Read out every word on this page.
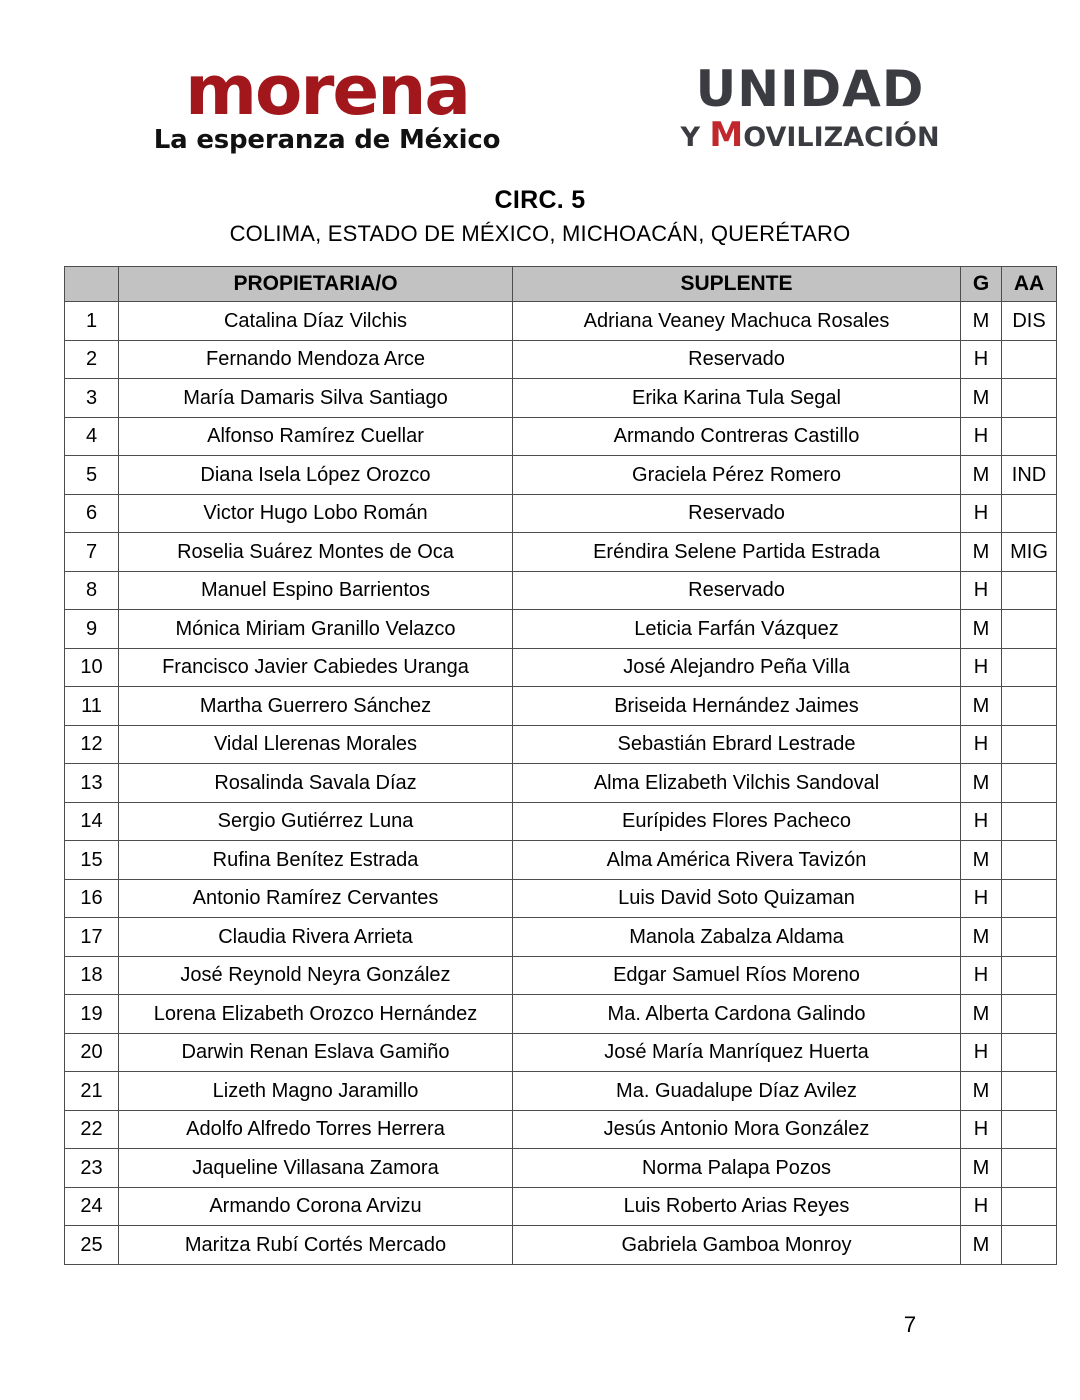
morena
La esperanza de México
UNIDAD
Y MOVILIZACIÓN
CIRC. 5
COLIMA, ESTADO DE MÉXICO, MICHOACÁN, QUERÉTARO
	PROPIETARIA/O	SUPLENTE	G	AA
1	Catalina Díaz Vilchis	Adriana Veaney Machuca Rosales	M	DIS
2	Fernando Mendoza Arce	Reservado	H	
3	María Damaris Silva Santiago	Erika Karina Tula Segal	M	
4	Alfonso Ramírez Cuellar	Armando Contreras Castillo	H	
5	Diana Isela López Orozco	Graciela Pérez Romero	M	IND
6	Victor Hugo Lobo Román	Reservado	H	
7	Roselia Suárez Montes de Oca	Eréndira Selene Partida Estrada	M	MIG
8	Manuel Espino Barrientos	Reservado	H	
9	Mónica Miriam Granillo Velazco	Leticia Farfán Vázquez	M	
10	Francisco Javier Cabiedes Uranga	José Alejandro Peña Villa	H	
11	Martha Guerrero Sánchez	Briseida Hernández Jaimes	M	
12	Vidal Llerenas Morales	Sebastián Ebrard Lestrade	H	
13	Rosalinda Savala Díaz	Alma Elizabeth Vilchis Sandoval	M	
14	Sergio Gutiérrez Luna	Eurípides Flores Pacheco	H	
15	Rufina Benítez Estrada	Alma América Rivera Tavizón	M	
16	Antonio Ramírez Cervantes	Luis David Soto Quizaman	H	
17	Claudia Rivera Arrieta	Manola Zabalza Aldama	M	
18	José Reynold Neyra González	Edgar Samuel Ríos Moreno	H	
19	Lorena Elizabeth Orozco Hernández	Ma. Alberta Cardona Galindo	M	
20	Darwin Renan Eslava Gamiño	José María Manríquez Huerta	H	
21	Lizeth Magno Jaramillo	Ma. Guadalupe Díaz Avilez	M	
22	Adolfo Alfredo Torres Herrera	Jesús Antonio Mora González	H	
23	Jaqueline Villasana Zamora	Norma Palapa Pozos	M	
24	Armando Corona Arvizu	Luis Roberto Arias Reyes	H	
25	Maritza Rubí Cortés Mercado	Gabriela Gamboa Monroy	M	
7
